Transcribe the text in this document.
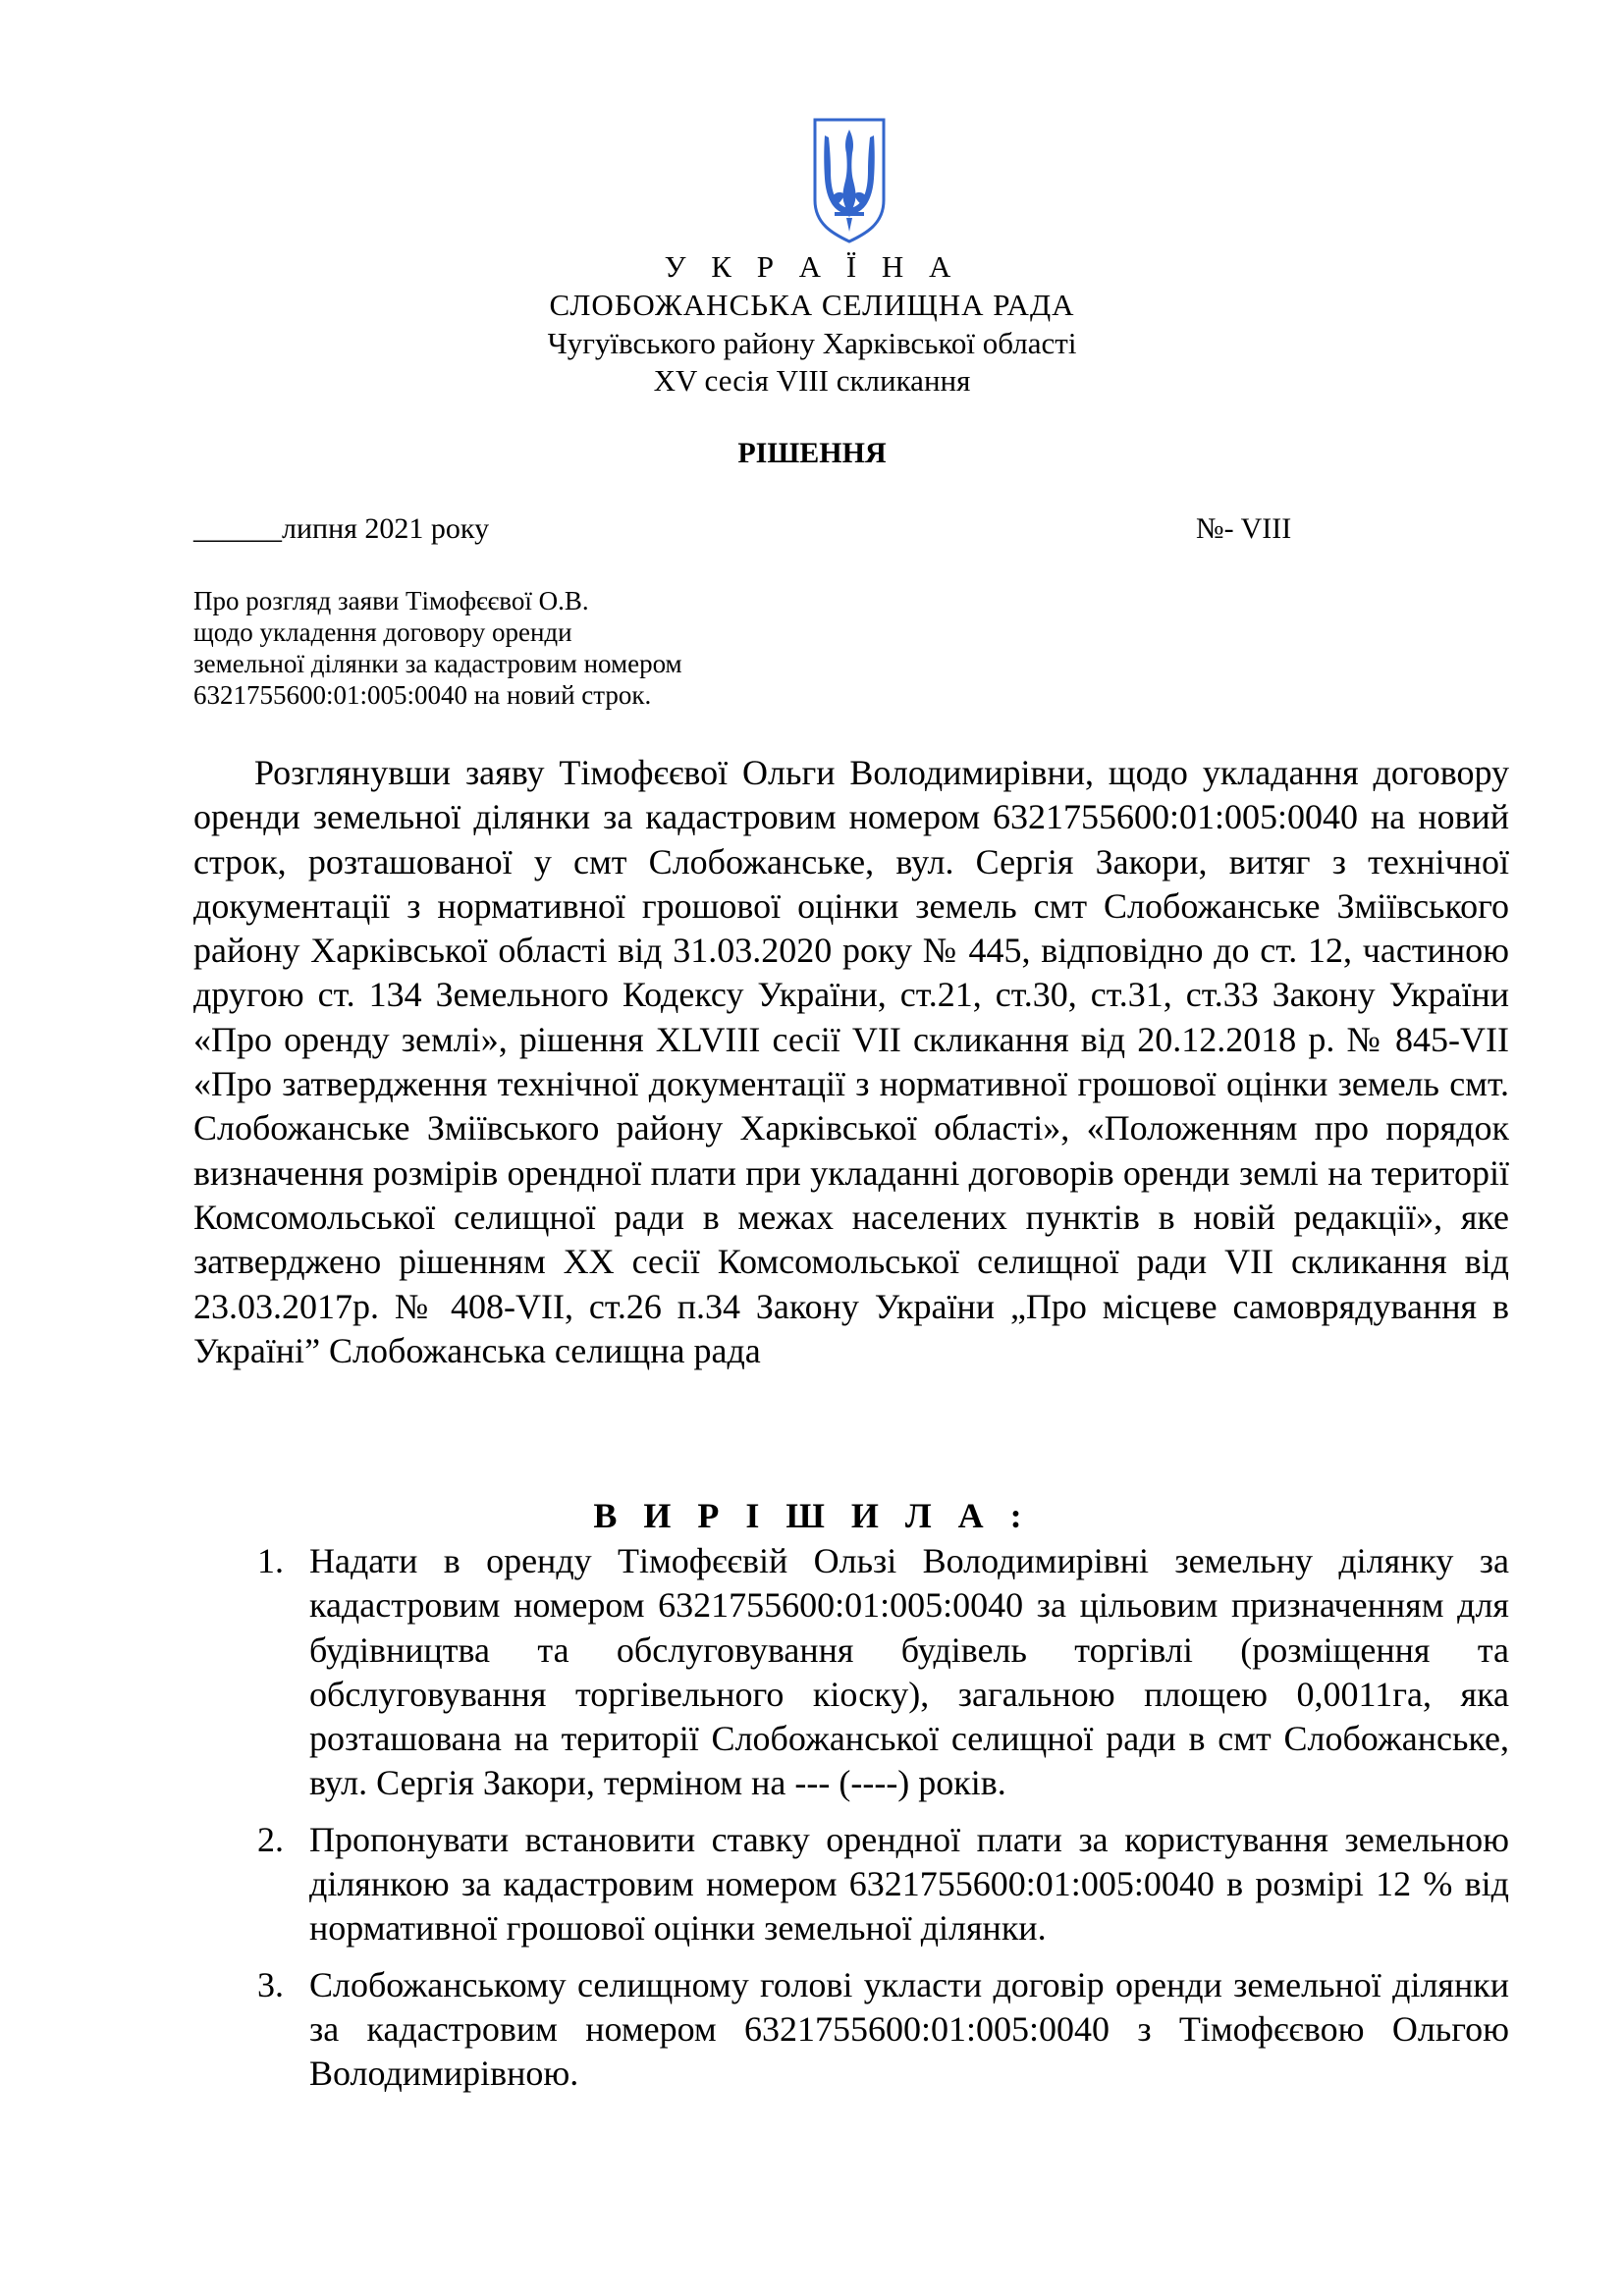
У К Р А Ї Н А
СЛОБОЖАНСЬКА СЕЛИЩНА РАДА
Чугуївського району Харківської області
XV сесія VIII скликання
РІШЕННЯ
______липня 2021 року	№- VIII
Про розгляд заяви Тімофєєвої О.В.
щодо укладення договору оренди
земельної ділянки за кадастровим номером
6321755600:01:005:0040 на новий строк.

Розглянувши заяву Тімофєєвої Ольги Володимирівни, щодо укладання договору оренди земельної ділянки за кадастровим номером 6321755600:01:005:0040 на новий строк, розташованої у смт Слобожанське, вул. Сергія Закори, витяг з технічної документації з нормативної грошової оцінки земель смт Слобожанське Зміївського району Харківської області від 31.03.2020 року № 445, відповідно до ст. 12, частиною другою ст. 134 Земельного Кодексу України, ст.21, ст.30, ст.31, ст.33 Закону України «Про оренду землі», рішення XLVIII сесії VII скликання від 20.12.2018 р. № 845-VII «Про затвердження технічної документації з нормативної грошової оцінки земель смт. Слобожанське Зміївського району Харківської області», «Положенням про порядок визначення розмірів орендної плати при укладанні договорів оренди землі на території Комсомольської селищної ради в межах населених пунктів в новій редакції», яке затверджено рішенням XX сесії Комсомольської селищної ради VII скликання від 23.03.2017р. № 408-VII, ст.26 п.34 Закону України „Про місцеве самоврядування в Україні” Слобожанська селищна рада

В И Р І Ш И Л А :
1. Надати в оренду Тімофєєвій Ользі Володимирівні земельну ділянку за кадастровим номером 6321755600:01:005:0040 за цільовим призначенням для будівництва та обслуговування будівель торгівлі (розміщення та обслуговування торгівельного кіоску), загальною площею 0,0011га, яка розташована на території Слобожанської селищної ради в смт Слобожанське, вул. Сергія Закори, терміном на --- (----) років.
2. Пропонувати встановити ставку орендної плати за користування земельною ділянкою за кадастровим номером 6321755600:01:005:0040 в розмірі 12 % від нормативної грошової оцінки земельної ділянки.
3. Слобожанському селищному голові укласти договір оренди земельної ділянки за кадастровим номером 6321755600:01:005:0040 з Тімофєєвою Ольгою Володимирівною.
